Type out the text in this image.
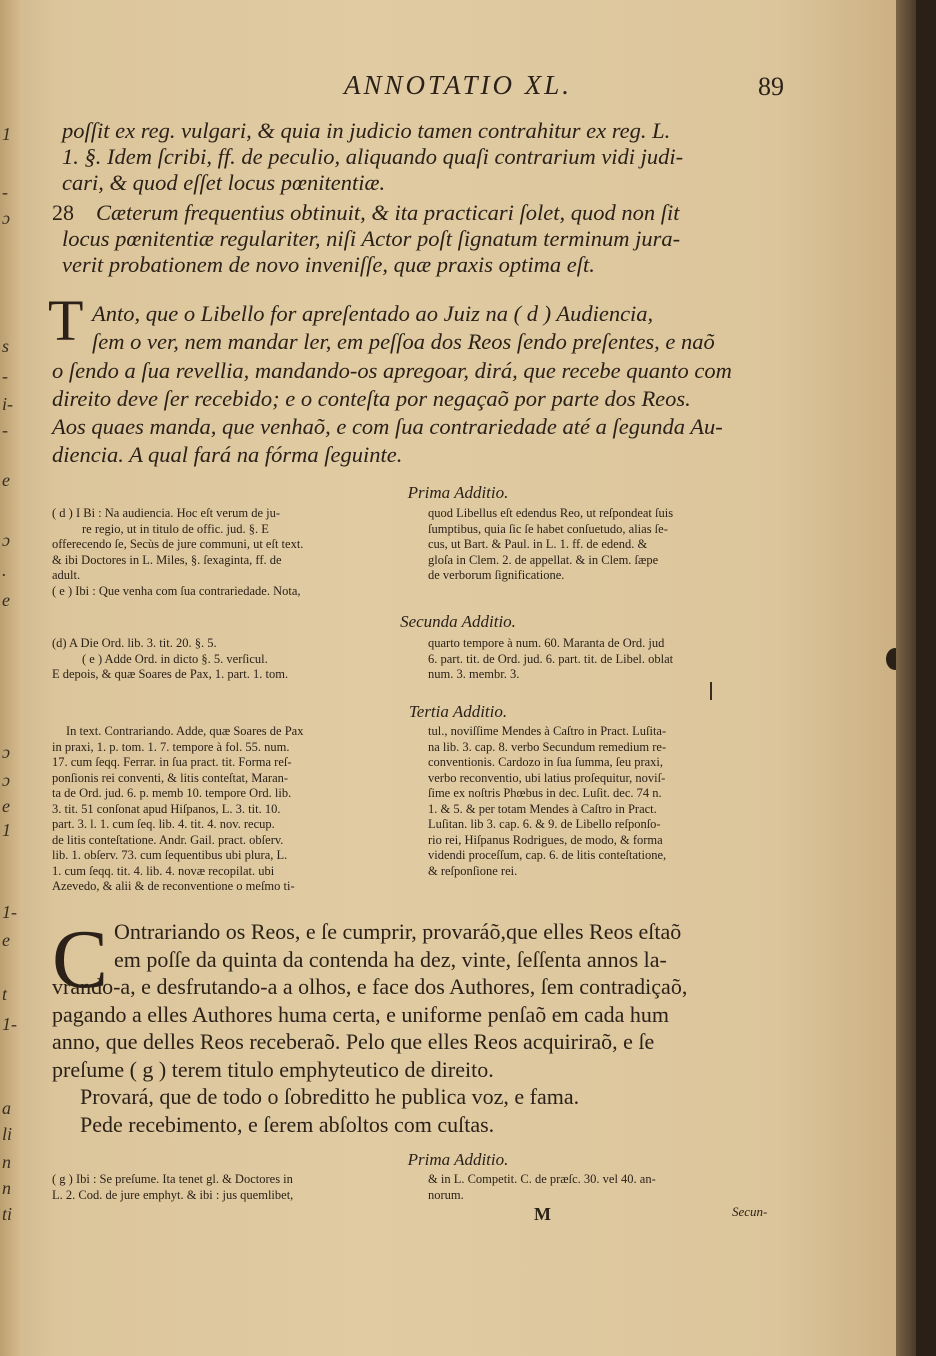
1
-
ɔ
s
-
i-
-
e
ɔ
.
e
ɔ
ɔ
e
1
1-
e
t
1-
a
li
n
n
ti
ANNOTATIO XL.	89

poſſit ex reg. vulgari, & quia in judicio tamen contrahitur ex reg. L.

1. §. Idem ſcribi, ff. de peculio, aliquando quaſi contrarium vidi judi-

cari, & quod eſſet locus pœnitentiæ.

28 Cæterum frequentius obtinuit, & ita practicari ſolet, quod non ſit

locus pœnitentiæ regulariter, niſi Actor poſt ſignatum terminum jura-

verit probationem de novo inveniſſe, quæ praxis optima eſt.

T Anto, que o Libello for apreſentado ao Juiz na ( d ) Audiencia,
ſem o ver, nem mandar ler, em peſſoa dos Reos ſendo preſentes, e naõ
o ſendo a ſua revellia, mandando-os apregoar, dirá, que recebe quanto com
direito deve ſer recebido; e o conteſta por negaçaõ por parte dos Reos.
Aos quaes manda, que venhaõ, e com ſua contrariedade até a ſegunda Au-
diencia. A qual fará na fórma ſeguinte.
Prima Additio.
( d ) I Bi : Na audiencia. Hoc eſt verum de ju-
re regio, ut in titulo de offic. jud. §. E
offerecendo ſe, Secùs de jure communi, ut eſt text.
& ibi Doctores in L. Miles, §. ſexaginta, ff. de
adult.
( e ) Ibi : Que venha com ſua contrariedade. Nota,
quod Libellus eſt edendus Reo, ut reſpondeat ſuis
ſumptibus, quia ſic ſe habet conſuetudo, alias ſe-
cus, ut Bart. & Paul. in L. 1. ff. de edend. &
gloſa in Clem. 2. de appellat. & in Clem. ſæpe
de verborum ſignificatione.
Secunda Additio.
(d) A Die Ord. lib. 3. tit. 20. §. 5.
( e ) Adde Ord. in dicto §. 5. verſicul.
E depois, & quæ Soares de Pax, 1. part. 1. tom.
quarto tempore à num. 60. Maranta de Ord. jud
6. part. tit. de Ord. jud. 6. part. tit. de Libel. oblat
num. 3. membr. 3.
Tertia Additio.
In text. Contrariando. Adde, quæ Soares de Pax
in praxi, 1. p. tom. 1. 7. tempore à fol. 55. num.
17. cum ſeqq. Ferrar. in ſua pract. tit. Forma reſ-
ponſionis rei conventi, & litis conteſtat, Maran-
ta de Ord. jud. 6. p. memb 10. tempore Ord. lib.
3. tit. 51 conſonat apud Hiſpanos, L. 3. tit. 10.
part. 3. l. 1. cum ſeq. lib. 4. tit. 4. nov. recup.
de litis conteſtatione. Andr. Gail. pract. obſerv.
lib. 1. obſerv. 73. cum ſequentibus ubi plura, L.
1. cum ſeqq. tit. 4. lib. 4. novæ recopilat. ubi
Azevedo, & alii & de reconventione o meſmo ti-
tul., noviſſime Mendes à Caſtro in Pract. Luſita-
na lib. 3. cap. 8. verbo Secundum remedium re-
conventionis. Cardozo in ſua ſumma, ſeu praxi,
verbo reconventio, ubi latius proſequitur, noviſ-
ſime ex noſtris Phœbus in dec. Luſit. dec. 74 n.
1. & 5. & per totam Mendes à Caſtro in Pract.
Luſitan. lib 3. cap. 6. & 9. de Libello reſponſo-
rio rei, Hiſpanus Rodrigues, de modo, & forma
videndi proceſſum, cap. 6. de litis conteſtatione,
& reſponſione rei.
C Ontrariando os Reos, e ſe cumprir, provaráõ,que elles Reos eſtaõ
em poſſe da quinta da contenda ha dez, vinte, ſeſſenta annos la-
vrando-a, e desfrutando-a a olhos, e face dos Authores, ſem contradiçaõ,
pagando a elles Authores huma certa, e uniforme penſaõ em cada hum
anno, que delles Reos receberaõ. Pelo que elles Reos acquiriraõ, e ſe
preſume ( g ) terem titulo emphyteutico de direito.
Provará, que de todo o ſobreditto he publica voz, e fama.
Pede recebimento, e ſerem abſoltos com cuſtas.
Prima Additio.
( g ) Ibi : Se preſume. Ita tenet gl. & Doctores in
L. 2. Cod. de jure emphyt. & ibi : jus quemlibet,
& in L. Competit. C. de præſc. 30. vel 40. an-
norum.
M	Secun-
